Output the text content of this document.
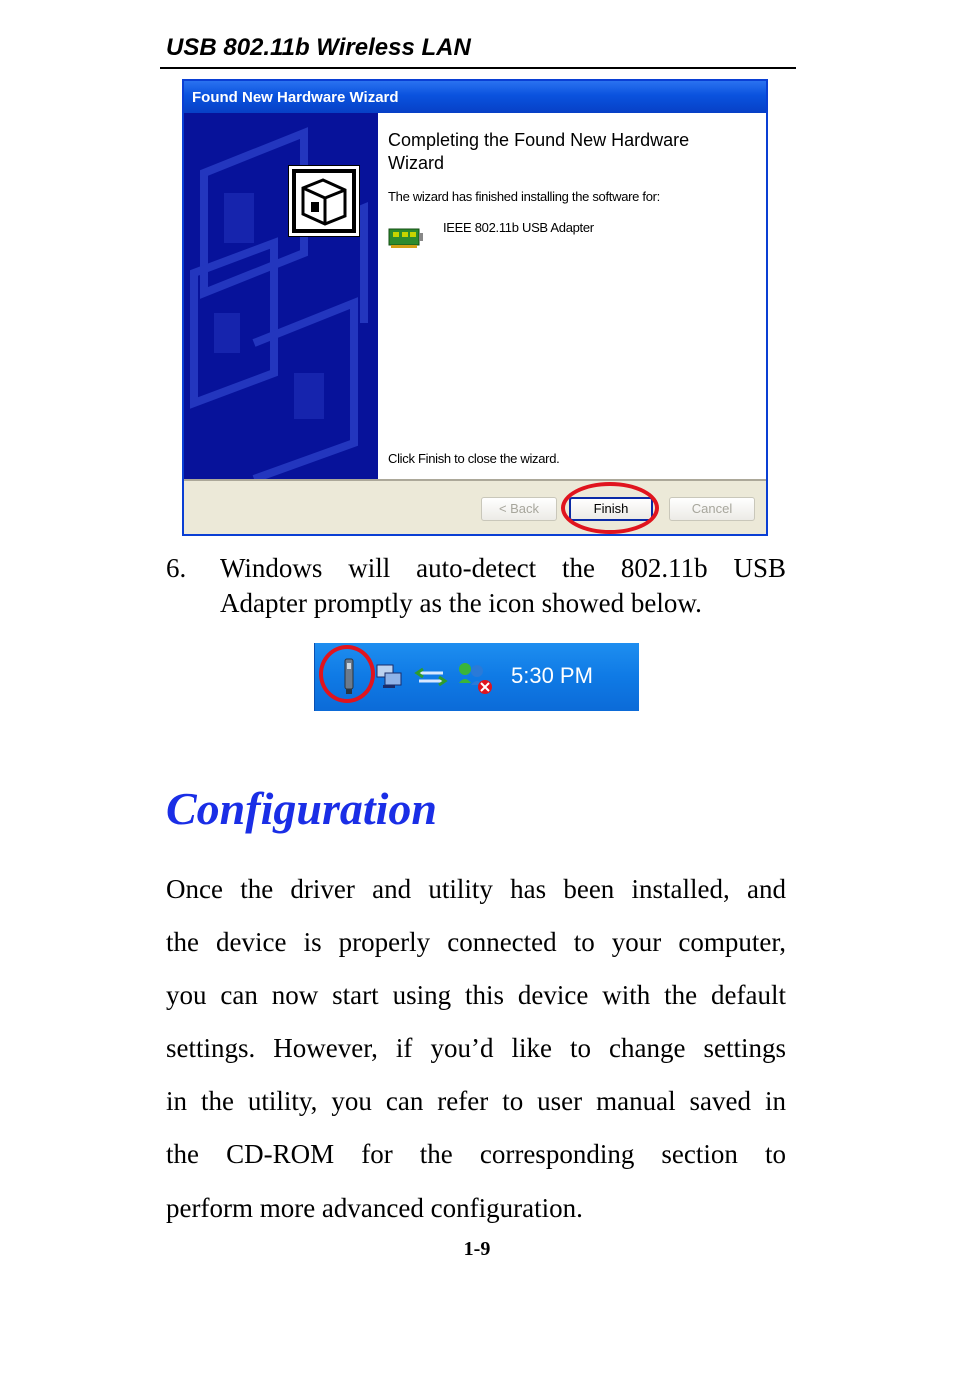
USB 802.11b Wireless LAN
Found New Hardware Wizard
Completing the Found New Hardware Wizard
The wizard has finished installing the software for:
IEEE 802.11b USB Adapter
Click Finish to close the wizard.
< Back	Finish	Cancel
6. Windows will auto-detect the 802.11b USB
Adapter promptly as the icon showed below.
5:30 PM
Configuration
Once the driver and utility has been installed, and
the device is properly connected to your computer,
you can now start using this device with the default
settings. However, if you’d like to change settings
in the utility, you can refer to user manual saved in
the CD-ROM for the corresponding section to
perform more advanced configuration.
1-9
